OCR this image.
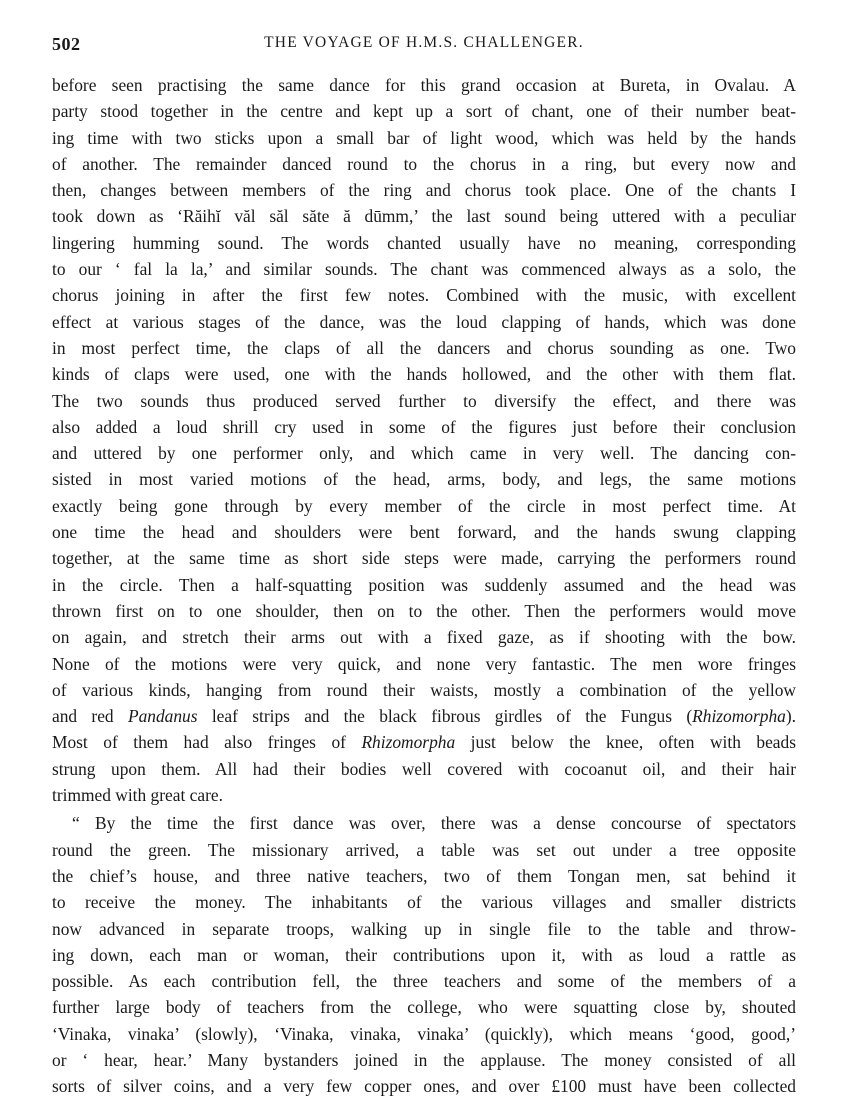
502	THE VOYAGE OF H.M.S. CHALLENGER.
before seen practising the same dance for this grand occasion at Bureta, in Ovalau. A
party stood together in the centre and kept up a sort of chant, one of their number beat-
ing time with two sticks upon a small bar of light wood, which was held by the hands
of another. The remainder danced round to the chorus in a ring, but every now and
then, changes between members of the ring and chorus took place. One of the chants I
took down as ‘Răihĭ văl săl săte ă dūmm,’ the last sound being uttered with a peculiar
lingering humming sound. The words chanted usually have no meaning, corresponding
to our ‘ fal la la,’ and similar sounds. The chant was commenced always as a solo, the
chorus joining in after the first few notes. Combined with the music, with excellent
effect at various stages of the dance, was the loud clapping of hands, which was done
in most perfect time, the claps of all the dancers and chorus sounding as one. Two
kinds of claps were used, one with the hands hollowed, and the other with them flat.
The two sounds thus produced served further to diversify the effect, and there was
also added a loud shrill cry used in some of the figures just before their conclusion
and uttered by one performer only, and which came in very well. The dancing con-
sisted in most varied motions of the head, arms, body, and legs, the same motions
exactly being gone through by every member of the circle in most perfect time. At
one time the head and shoulders were bent forward, and the hands swung clapping
together, at the same time as short side steps were made, carrying the performers round
in the circle. Then a half-squatting position was suddenly assumed and the head was
thrown first on to one shoulder, then on to the other. Then the performers would move
on again, and stretch their arms out with a fixed gaze, as if shooting with the bow.
None of the motions were very quick, and none very fantastic. The men wore fringes
of various kinds, hanging from round their waists, mostly a combination of the yellow
and red Pandanus leaf strips and the black fibrous girdles of the Fungus (Rhizomorpha).
Most of them had also fringes of Rhizomorpha just below the knee, often with beads
strung upon them. All had their bodies well covered with cocoanut oil, and their hair
trimmed with great care.
“ By the time the first dance was over, there was a dense concourse of spectators
round the green. The missionary arrived, a table was set out under a tree opposite
the chief’s house, and three native teachers, two of them Tongan men, sat behind it
to receive the money. The inhabitants of the various villages and smaller districts
now advanced in separate troops, walking up in single file to the table and throw-
ing down, each man or woman, their contributions upon it, with as loud a rattle as
possible. As each contribution fell, the three teachers and some of the members of a
further large body of teachers from the college, who were squatting close by, shouted
‘Vinaka, vinaka’ (slowly), ‘Vinaka, vinaka, vinaka’ (quickly), which means ‘good, good,’
or ‘ hear, hear.’ Many bystanders joined in the applause. The money consisted of all
sorts of silver coins, and a very few copper ones, and over £100 must have been collected
